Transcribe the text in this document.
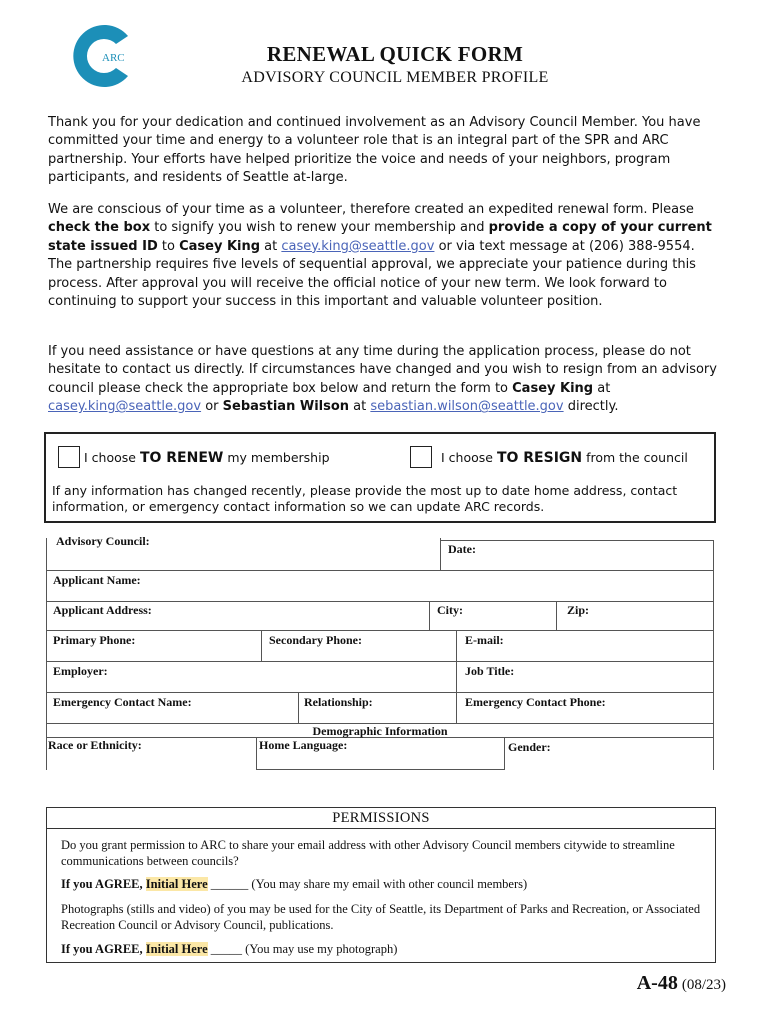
ARC	RENEWAL QUICK FORM
ADVISORY COUNCIL MEMBER PROFILE
Thank you for your dedication and continued involvement as an Advisory Council Member. You have committed your time and energy to a volunteer role that is an integral part of the SPR and ARC partnership. Your efforts have helped prioritize the voice and needs of your neighbors, program participants, and residents of Seattle at-large.
We are conscious of your time as a volunteer, therefore created an expedited renewal form. Please check the box to signify you wish to renew your membership and provide a copy of your current state issued ID to Casey King at casey.king@seattle.gov or via text message at (206) 388-9554. The partnership requires five levels of sequential approval, we appreciate your patience during this process. After approval you will receive the official notice of your new term. We look forward to continuing to support your success in this important and valuable volunteer position.
If you need assistance or have questions at any time during the application process, please do not hesitate to contact us directly. If circumstances have changed and you wish to resign from an advisory council please check the appropriate box below and return the form to Casey King at casey.king@seattle.gov or Sebastian Wilson at sebastian.wilson@seattle.gov directly.
I choose TO RENEW my membership	I choose TO RESIGN from the council
If any information has changed recently, please provide the most up to date home address, contact information, or emergency contact information so we can update ARC records.
Advisory Council:
Date:
Applicant Name:
Applicant Address:	City:	Zip:
Primary Phone:	Secondary Phone:	E-mail:
Employer:	Job Title:
Emergency Contact Name:	Relationship:	Emergency Contact Phone:
Demographic Information
Race or Ethnicity:	Home Language:	Gender:
PERMISSIONS
Do you grant permission to ARC to share your email address with other Advisory Council members citywide to streamline communications between councils?
If you AGREE, Initial Here ______ (You may share my email with other council members)
Photographs (stills and video) of you may be used for the City of Seattle, its Department of Parks and Recreation, or Associated Recreation Council or Advisory Council, publications.
If you AGREE, Initial Here _____ (You may use my photograph)
A-48 (08/23)
